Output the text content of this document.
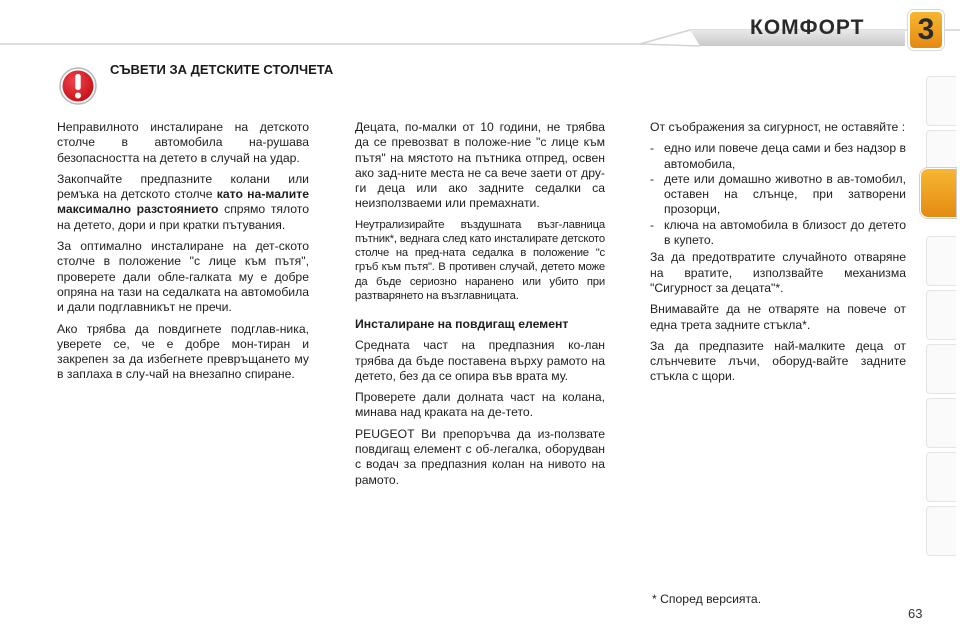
КОМФОРТ	3
СЪВЕТИ ЗА ДЕТСКИТЕ СТОЛЧЕТА

Неправилното инсталиране на детското столче в автомобила на-рушава безопасността на детето в случай на удар.

Закопчайте предпазните колани или ремъка на детското столче като на-малите максимално разстоянието спрямо тялото на детето, дори и при кратки пътувания.

За оптимално инсталиране на дет-ското столче в положение "с лице към пътя", проверете дали обле-галката му е добре опряна на тази на седалката на автомобила и дали подглавникът не пречи.

Ако трябва да повдигнете подглав-ника, уверете се, че е добре мон-тиран и закрепен за да избегнете превръщането му в заплаха в слу-чай на внезапно спиране.

Децата, по-малки от 10 години, не трябва да се превозват в положе-ние "с лице към пътя" на мястото на пътника отпред, освен ако зад-ните места не са вече заети от дру-ги деца или ако задните седалки са неизползваеми или премахнати.

Неутрализирайте въздушната възг-лавница пътник*, веднага след като инсталирате детското столче на пред-ната седалка в положение "с гръб към пътя". В противен случай, детето може да бъде сериозно наранено или убито при разтварянето на възглавницата.

Инсталиране на повдигащ елемент

Средната част на предпазния ко-лан трябва да бъде поставена върху рамото на детето, без да се опира във врата му.

Проверете дали долната част на колана, минава над краката на де-тето.

PEUGEOT Ви препоръчва да из-ползвате повдигащ елемент с об-легалка, оборудван с водач за предпазния колан на нивото на рамото.

От съображения за сигурност, не оставяйте :

- едно или повече деца сами и без надзор в автомобила,
- дете или домашно животно в ав-томобил, оставен на слънце, при затворени прозорци,
- ключа на автомобила в близост до детето в купето.

За да предотвратите случайното отваряне на вратите, използвайте механизма "Сигурност за децата"*.

Внимавайте да не отваряте на повече от една трета задните стъкла*.

За да предпазите най-малките деца от слънчевите лъчи, оборуд-вайте задните стъкла с щори.

* Според версията.
63
